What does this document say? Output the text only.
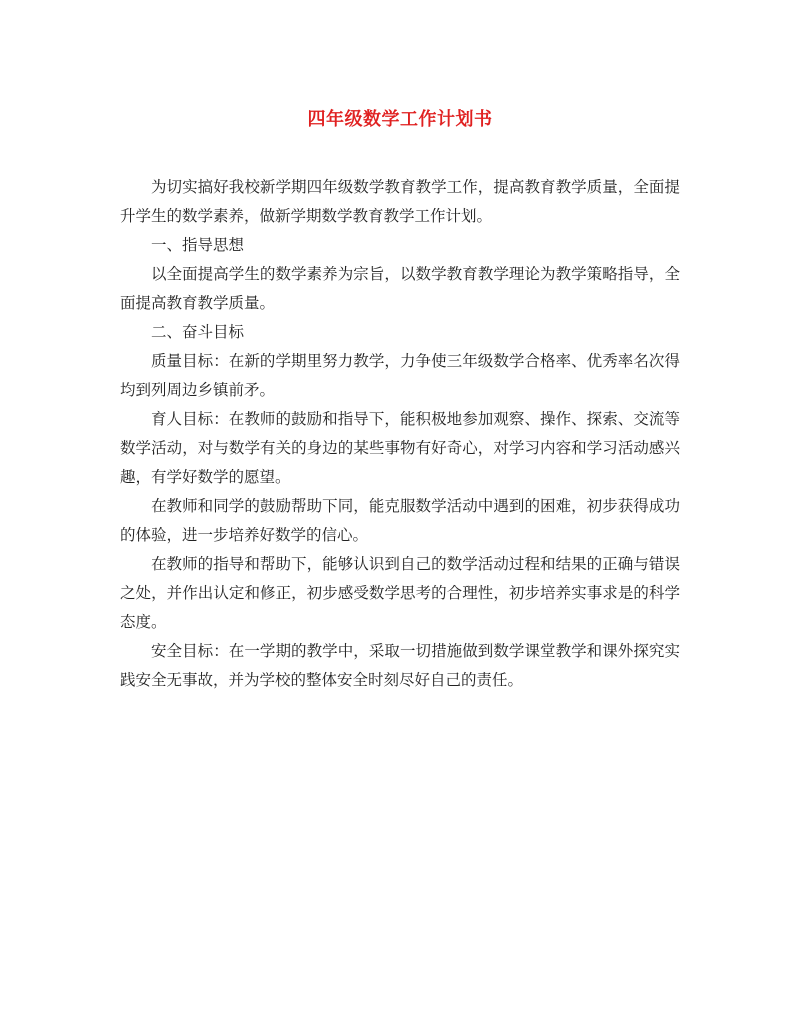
四年级数学工作计划书

为切实搞好我校新学期四年级数学教育教学工作，提高教育教学质量，全面提升学生的数学素养，做新学期数学教育教学工作计划。

一、指导思想

以全面提高学生的数学素养为宗旨，以数学教育教学理论为教学策略指导，全面提高教育教学质量。

二、奋斗目标

质量目标：在新的学期里努力教学，力争使三年级数学合格率、优秀率名次得均到列周边乡镇前矛。

育人目标：在教师的鼓励和指导下，能积极地参加观察、操作、探索、交流等数学活动，对与数学有关的身边的某些事物有好奇心，对学习内容和学习活动感兴趣，有学好数学的愿望。

在教师和同学的鼓励帮助下同，能克服数学活动中遇到的困难，初步获得成功的体验，进一步培养好数学的信心。

在教师的指导和帮助下，能够认识到自己的数学活动过程和结果的正确与错误之处，并作出认定和修正，初步感受数学思考的合理性，初步培养实事求是的科学态度。

安全目标：在一学期的教学中，采取一切措施做到数学课堂教学和课外探究实践安全无事故，并为学校的整体安全时刻尽好自己的责任。
